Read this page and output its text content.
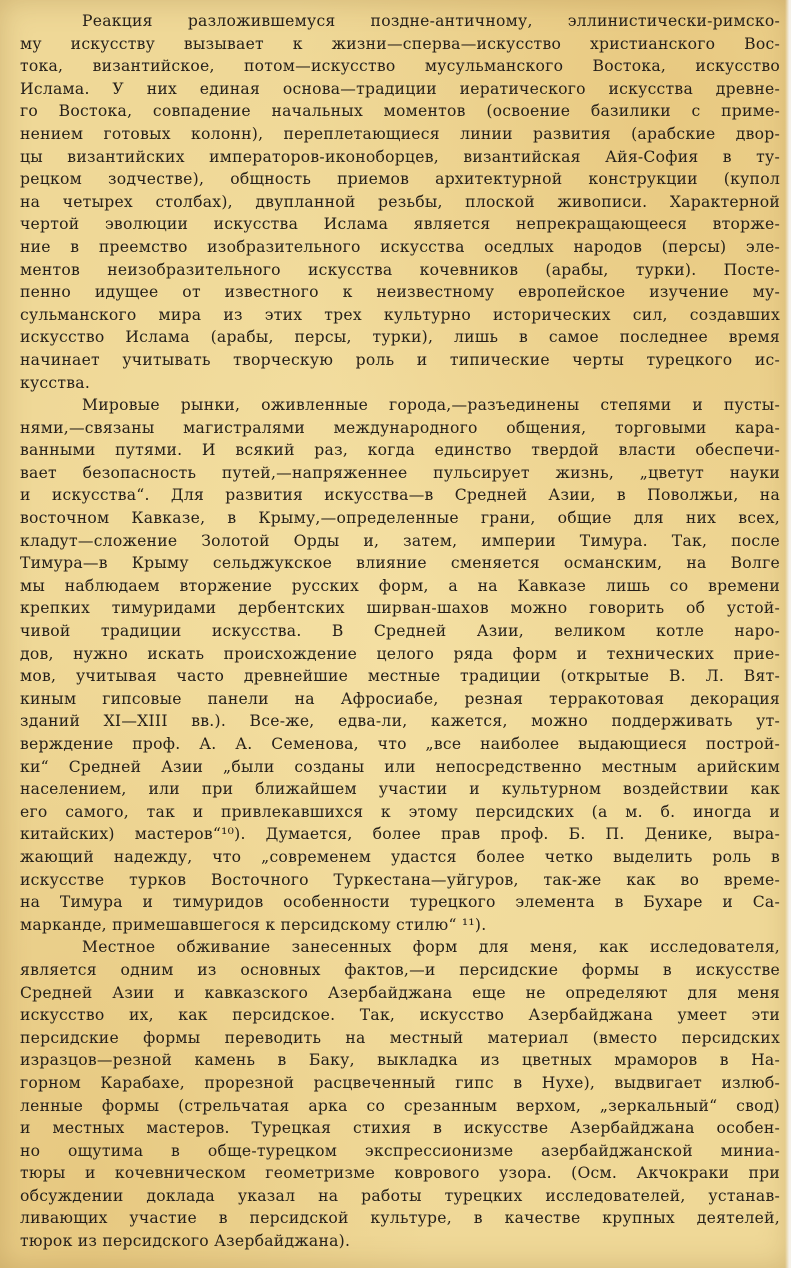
Реакция разложившемуся поздне-античному, эллинистически-римско-
му искусству вызывает к жизни—сперва—искусство христианского Вос-
тока, византийское, потом—искусство мусульманского Востока, искусство
Ислама. У них единая основа—традиции иератического искусства древне-
го Востока, совпадение начальных моментов (освоение базилики с приме-
нением готовых колонн), переплетающиеся линии развития (арабские двор-
цы византийских императоров-иконоборцев, византийская Айя-София в ту-
рецком зодчестве), общность приемов архитектурной конструкции (купол
на четырех столбах), двупланной резьбы, плоской живописи. Характерной
чертой эволюции искусства Ислама является непрекращающееся вторже-
ние в преемство изобразительного искусства оседлых народов (персы) эле-
ментов неизобразительного искусства кочевников (арабы, турки). Посте-
пенно идущее от известного к неизвестному европейское изучение му-
сульманского мира из этих трех культурно исторических сил, создавших
искусство Ислама (арабы, персы, турки), лишь в самое последнее время
начинает учитывать творческую роль и типические черты турецкого ис-
кусства.
Мировые рынки, оживленные города,—разъединены степями и пусты-
нями,—связаны магистралями международного общения, торговыми кара-
ванными путями. И всякий раз, когда единство твердой власти обеспечи-
вает безопасность путей,—напряженнее пульсирует жизнь, „цветут науки
и искусства“. Для развития искусства—в Средней Азии, в Поволжьи, на
восточном Кавказе, в Крыму,—определенные грани, общие для них всех,
кладут—сложение Золотой Орды и, затем, империи Тимура. Так, после
Тимура—в Крыму сельджукское влияние сменяется османским, на Волге
мы наблюдаем вторжение русских форм, а на Кавказе лишь со времени
крепких тимуридами дербентских ширван-шахов можно говорить об устой-
чивой традиции искусства. В Средней Азии, великом котле наро-
дов, нужно искать происхождение целого ряда форм и технических прие-
мов, учитывая часто древнейшие местные традиции (открытые В. Л. Вят-
киным гипсовые панели на Афросиабе, резная терракотовая декорация
зданий XI—XIII вв.). Все-же, едва-ли, кажется, можно поддерживать ут-
верждение проф. А. А. Семенова, что „все наиболее выдающиеся построй-
ки“ Средней Азии „были созданы или непосредственно местным арийским
населением, или при ближайшем участии и культурном воздействии как
его самого, так и привлекавшихся к этому персидских (а м. б. иногда и
китайских) мастеров“¹⁰). Думается, более прав проф. Б. П. Денике, выра-
жающий надежду, что „современем удастся более четко выделить роль в
искусстве турков Восточного Туркестана—уйгуров, так-же как во време-
на Тимура и тимуридов особенности турецкого элемента в Бухаре и Са-
марканде, примешавшегося к персидскому стилю“ ¹¹).
Местное обживание занесенных форм для меня, как исследователя,
является одним из основных фактов,—и персидские формы в искусстве
Средней Азии и кавказского Азербайджана еще не определяют для меня
искусство их, как персидское. Так, искусство Азербайджана умеет эти
персидские формы переводить на местный материал (вместо персидских
изразцов—резной камень в Баку, выкладка из цветных мраморов в На-
горном Карабахе, прорезной расцвеченный гипс в Нухе), выдвигает излюб-
ленные формы (стрельчатая арка со срезанным верхом, „зеркальный“ свод)
и местных мастеров. Турецкая стихия в искусстве Азербайджана особен-
но ощутима в обще-турецком экспрессионизме азербайджанской миниа-
тюры и кочевническом геометризме коврового узора. (Осм. Акчокраки при
обсуждении доклада указал на работы турецких исследователей, устанав-
ливающих участие в персидской культуре, в качестве крупных деятелей,
тюрок из персидского Азербайджана).
